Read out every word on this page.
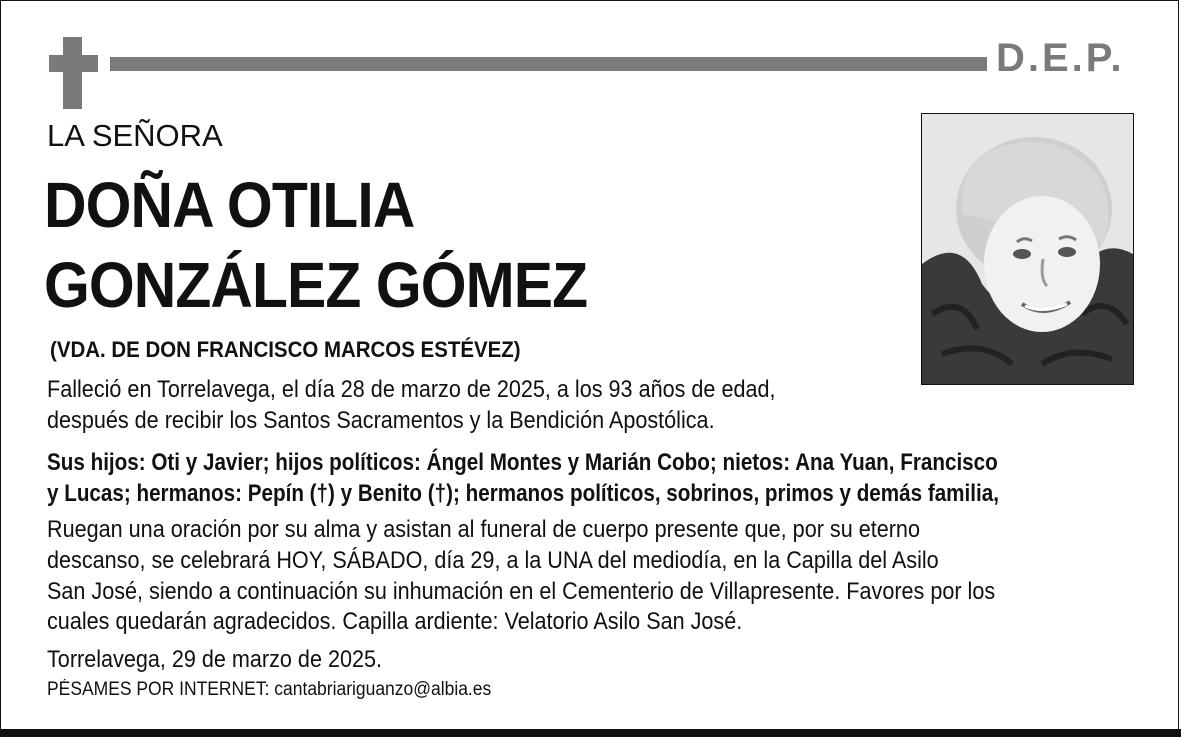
D.E.P.
LA SEÑORA
DOÑA OTILIA
GONZÁLEZ GÓMEZ
(VDA. DE DON FRANCISCO MARCOS ESTÉVEZ)
Falleció en Torrelavega, el día 28 de marzo de 2025, a los 93 años de edad,
después de recibir los Santos Sacramentos y la Bendición Apostólica.
Sus hijos: Oti y Javier; hijos políticos: Ángel Montes y Marián Cobo; nietos: Ana Yuan, Francisco
y Lucas; hermanos: Pepín (†) y Benito (†); hermanos políticos, sobrinos, primos y demás familia,
Ruegan una oración por su alma y asistan al funeral de cuerpo presente que, por su eterno
descanso, se celebrará HOY, SÁBADO, día 29, a la UNA del mediodía, en la Capilla del Asilo
San José, siendo a continuación su inhumación en el Cementerio de Villapresente. Favores por los
cuales quedarán agradecidos. Capilla ardiente: Velatorio Asilo San José.
Torrelavega, 29 de marzo de 2025.
PÉSAMES POR INTERNET: cantabriariguanzo@albia.es
